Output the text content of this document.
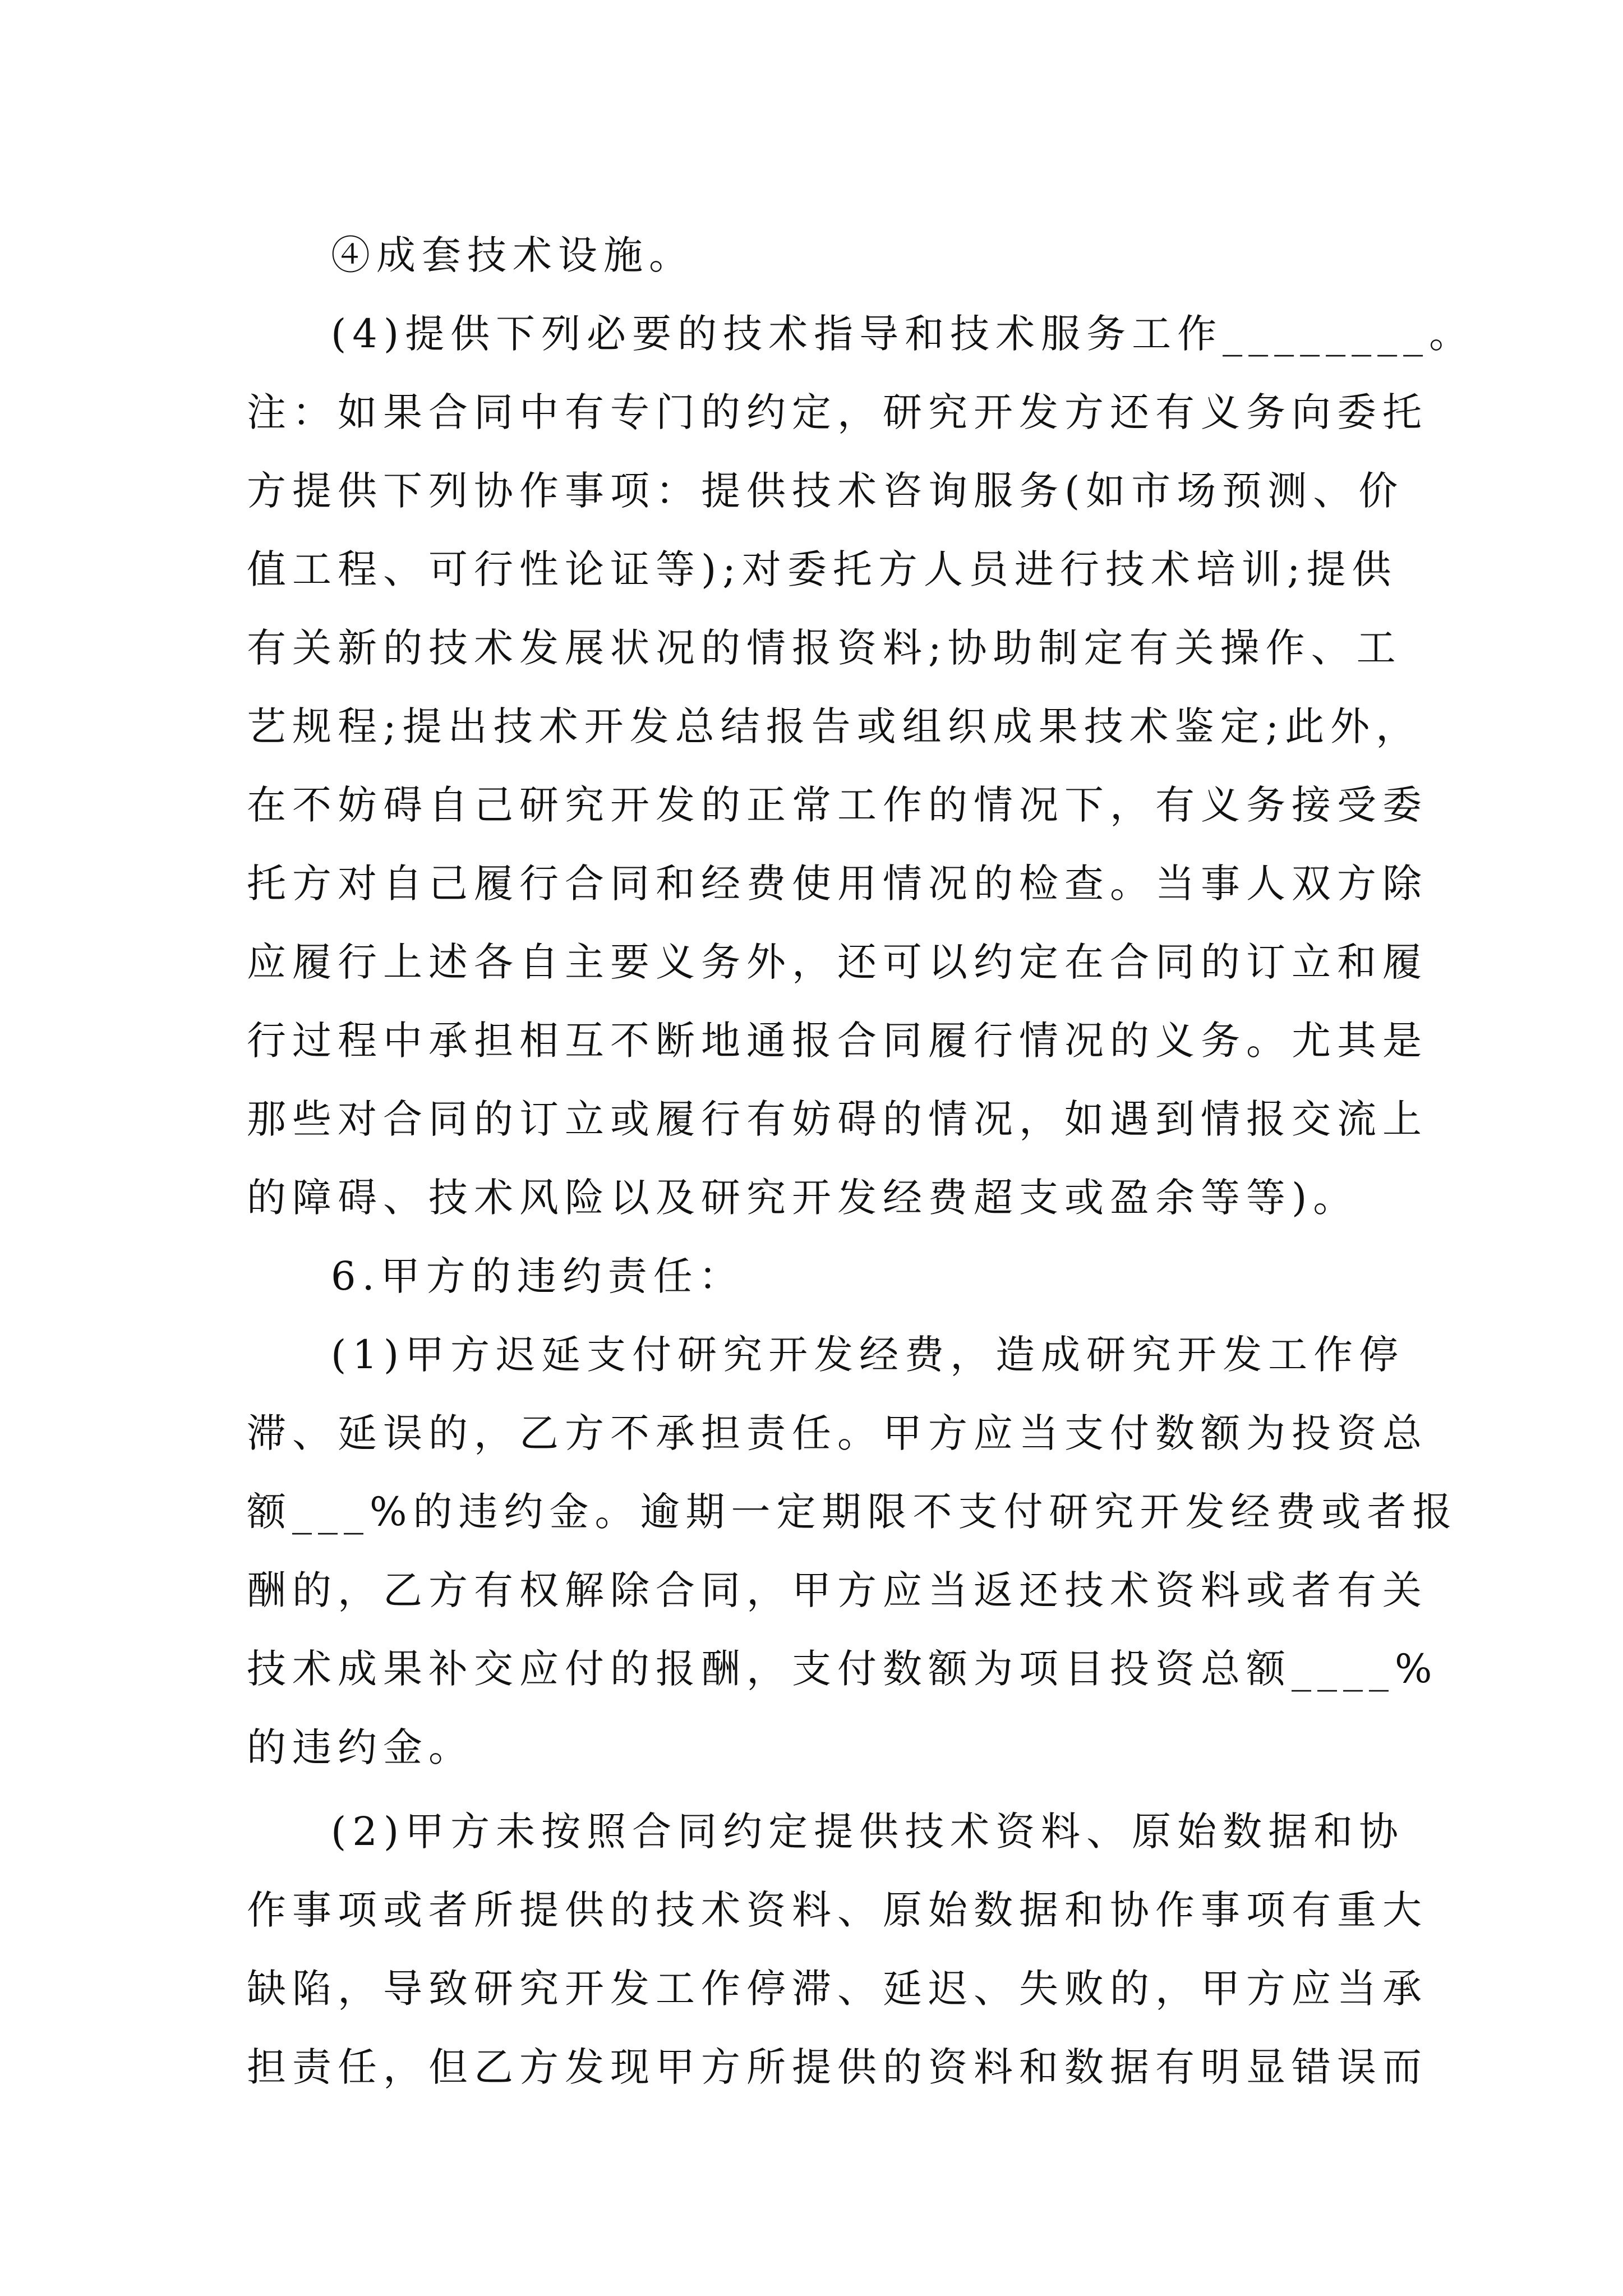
④成套技术设施。
(4)提供下列必要的技术指导和技术服务工作________。
注：如果合同中有专门的约定，研究开发方还有义务向委托
方提供下列协作事项：提供技术咨询服务(如市场预测、价
值工程、可行性论证等);对委托方人员进行技术培训;提供
有关新的技术发展状况的情报资料;协助制定有关操作、工
艺规程;提出技术开发总结报告或组织成果技术鉴定;此外，
在不妨碍自己研究开发的正常工作的情况下，有义务接受委
托方对自己履行合同和经费使用情况的检查。当事人双方除
应履行上述各自主要义务外，还可以约定在合同的订立和履
行过程中承担相互不断地通报合同履行情况的义务。尤其是
那些对合同的订立或履行有妨碍的情况，如遇到情报交流上
的障碍、技术风险以及研究开发经费超支或盈余等等)。
6.甲方的违约责任：
(1)甲方迟延支付研究开发经费，造成研究开发工作停
滞、延误的，乙方不承担责任。甲方应当支付数额为投资总
额___%的违约金。逾期一定期限不支付研究开发经费或者报
酬的，乙方有权解除合同，甲方应当返还技术资料或者有关
技术成果补交应付的报酬，支付数额为项目投资总额____%
的违约金。
(2)甲方未按照合同约定提供技术资料、原始数据和协
作事项或者所提供的技术资料、原始数据和协作事项有重大
缺陷，导致研究开发工作停滞、延迟、失败的，甲方应当承
担责任，但乙方发现甲方所提供的资料和数据有明显错误而
